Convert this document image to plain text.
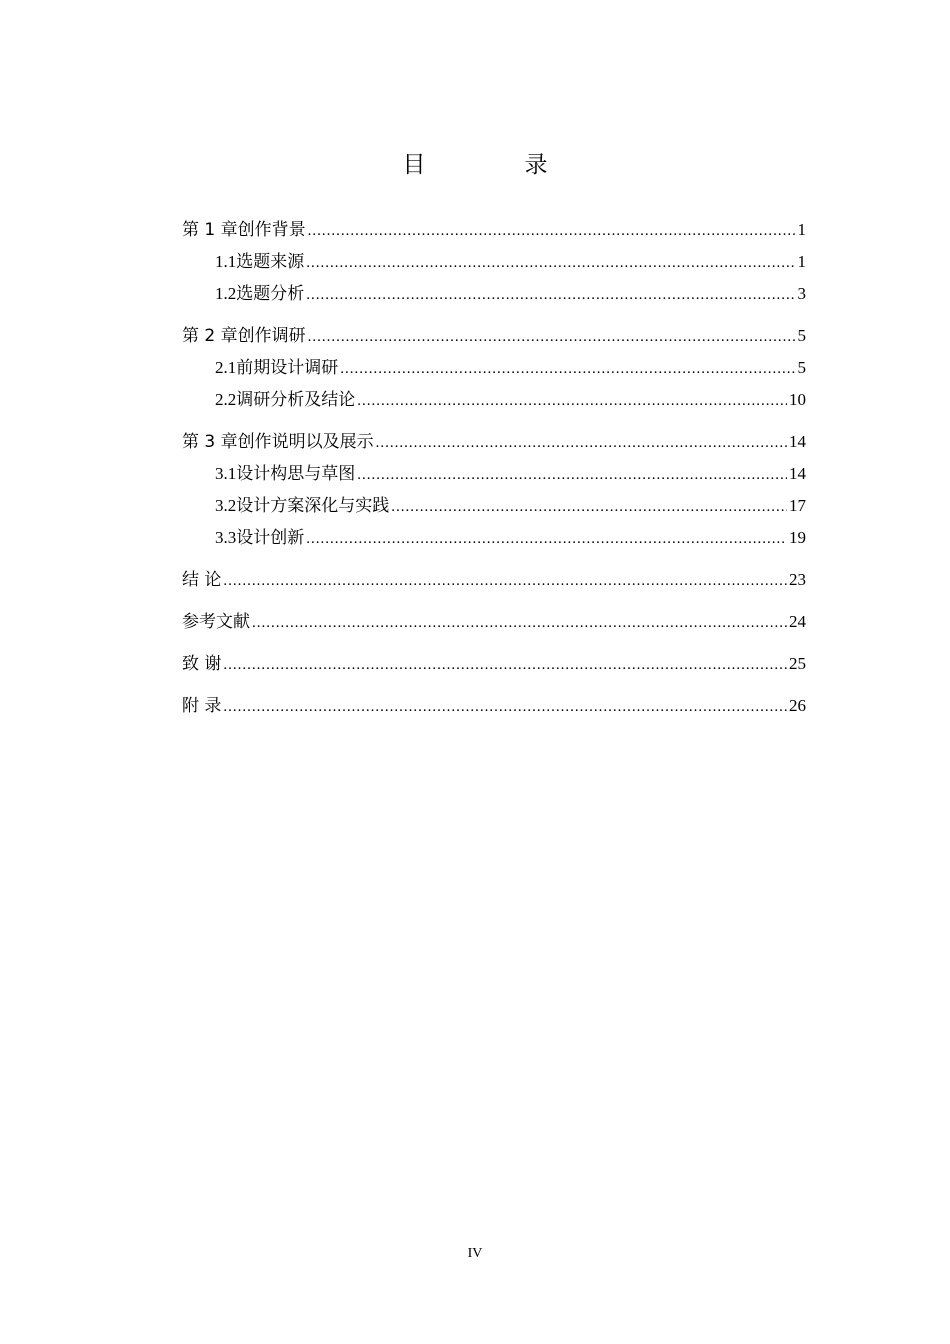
目　录
第 1 章 创作背景 .....	1
1.1 选题来源 .....	1
1.2 选题分析 .....	3
第 2 章 创作调研 .....	5
2.1 前期设计调研 .....	5
2.2 调研分析及结论 .....	10
第 3 章 创作说明以及展示 .....	14
3.1 设计构思与草图 .....	14
3.2 设计方案深化与实践 .....	17
3.3 设计创新 .....	19
结 论 .....	23
参考文献 .....	24
致 谢 .....	25
附 录 .....	26
IV
